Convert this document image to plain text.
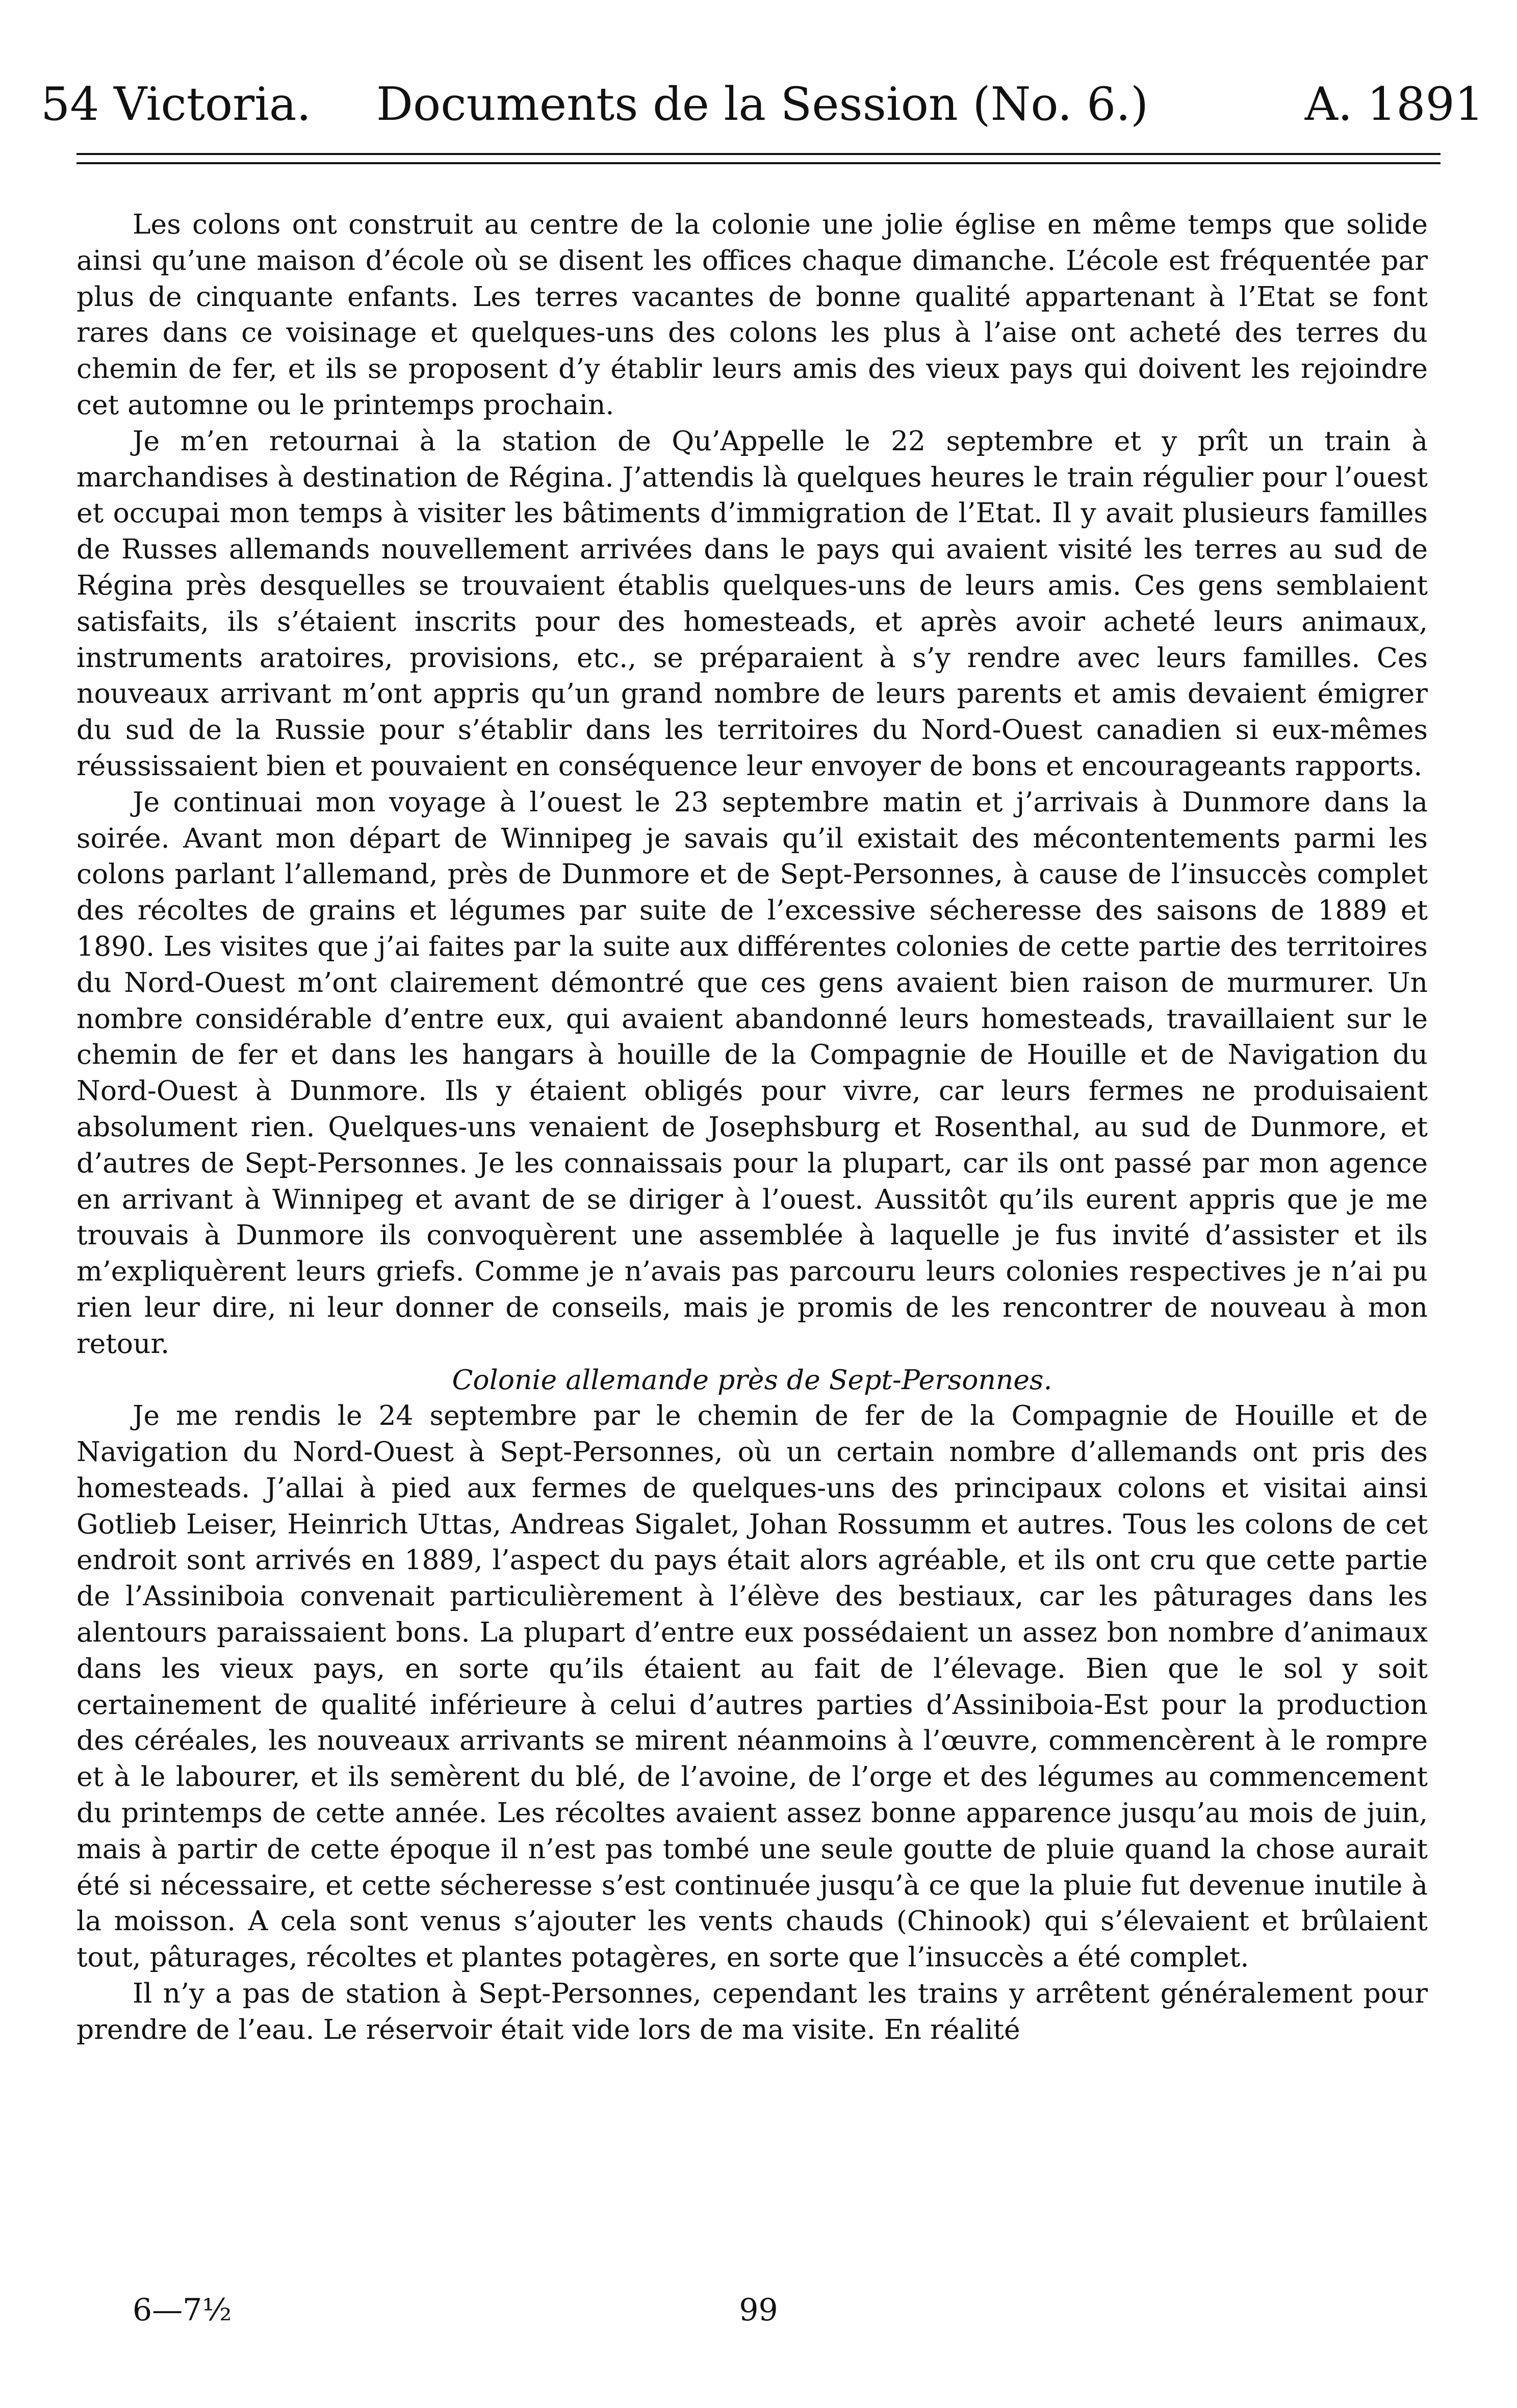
54 Victoria.	Documents de la Session (No. 6.)	A. 1891

Les colons ont construit au centre de la colonie une jolie église en même temps que solide ainsi qu’une maison d’école où se disent les offices chaque dimanche. L’école est fréquentée par plus de cinquante enfants. Les terres vacantes de bonne qualité appartenant à l’Etat se font rares dans ce voisinage et quelques-uns des colons les plus à l’aise ont acheté des terres du chemin de fer, et ils se proposent d’y établir leurs amis des vieux pays qui doivent les rejoindre cet automne ou le printemps prochain.

Je m’en retournai à la station de Qu’Appelle le 22 septembre et y prît un train à marchandises à destination de Régina. J’attendis là quelques heures le train régulier pour l’ouest et occupai mon temps à visiter les bâtiments d’immigration de l’Etat. Il y avait plusieurs familles de Russes allemands nouvellement arrivées dans le pays qui avaient visité les terres au sud de Régina près desquelles se trouvaient établis quelques-uns de leurs amis. Ces gens semblaient satisfaits, ils s’étaient inscrits pour des homesteads, et après avoir acheté leurs animaux, instruments aratoires, provisions, etc., se préparaient à s’y rendre avec leurs familles. Ces nouveaux arrivant m’ont appris qu’un grand nombre de leurs parents et amis devaient émigrer du sud de la Russie pour s’établir dans les territoires du Nord-Ouest canadien si eux-mêmes réussissaient bien et pouvaient en conséquence leur envoyer de bons et encourageants rapports.

Je continuai mon voyage à l’ouest le 23 septembre matin et j’arrivais à Dunmore dans la soirée. Avant mon départ de Winnipeg je savais qu’il existait des mécontentements parmi les colons parlant l’allemand, près de Dunmore et de Sept-Personnes, à cause de l’insuccès complet des récoltes de grains et légumes par suite de l’excessive sécheresse des saisons de 1889 et 1890. Les visites que j’ai faites par la suite aux différentes colonies de cette partie des territoires du Nord-Ouest m’ont clairement démontré que ces gens avaient bien raison de murmurer. Un nombre considérable d’entre eux, qui avaient abandonné leurs homesteads, travaillaient sur le chemin de fer et dans les hangars à houille de la Compagnie de Houille et de Navigation du Nord-Ouest à Dunmore. Ils y étaient obligés pour vivre, car leurs fermes ne produisaient absolument rien. Quelques-uns venaient de Josephsburg et Rosenthal, au sud de Dunmore, et d’autres de Sept-Personnes. Je les connaissais pour la plupart, car ils ont passé par mon agence en arrivant à Winnipeg et avant de se diriger à l’ouest. Aussitôt qu’ils eurent appris que je me trouvais à Dunmore ils convoquèrent une assemblée à laquelle je fus invité d’assister et ils m’expliquèrent leurs griefs. Comme je n’avais pas parcouru leurs colonies respectives je n’ai pu rien leur dire, ni leur donner de conseils, mais je promis de les rencontrer de nouveau à mon retour.

Colonie allemande près de Sept-Personnes.

Je me rendis le 24 septembre par le chemin de fer de la Compagnie de Houille et de Navigation du Nord-Ouest à Sept-Personnes, où un certain nombre d’allemands ont pris des homesteads. J’allai à pied aux fermes de quelques-uns des principaux colons et visitai ainsi Gotlieb Leiser, Heinrich Uttas, Andreas Sigalet, Johan Rossumm et autres. Tous les colons de cet endroit sont arrivés en 1889, l’aspect du pays était alors agréable, et ils ont cru que cette partie de l’Assiniboia convenait particulièrement à l’élève des bestiaux, car les pâturages dans les alentours paraissaient bons. La plupart d’entre eux possédaient un assez bon nombre d’animaux dans les vieux pays, en sorte qu’ils étaient au fait de l’élevage. Bien que le sol y soit certainement de qualité inférieure à celui d’autres parties d’Assiniboia-Est pour la production des céréales, les nouveaux arrivants se mirent néanmoins à l’œuvre, commencèrent à le rompre et à le labourer, et ils semèrent du blé, de l’avoine, de l’orge et des légumes au commencement du printemps de cette année. Les récoltes avaient assez bonne apparence jusqu’au mois de juin, mais à partir de cette époque il n’est pas tombé une seule goutte de pluie quand la chose aurait été si nécessaire, et cette sécheresse s’est continuée jusqu’à ce que la pluie fut devenue inutile à la moisson. A cela sont venus s’ajouter les vents chauds (Chinook) qui s’élevaient et brûlaient tout, pâturages, récoltes et plantes potagères, en sorte que l’insuccès a été complet.

Il n’y a pas de station à Sept-Personnes, cependant les trains y arrêtent généralement pour prendre de l’eau. Le réservoir était vide lors de ma visite. En réalité

6—7½	99
